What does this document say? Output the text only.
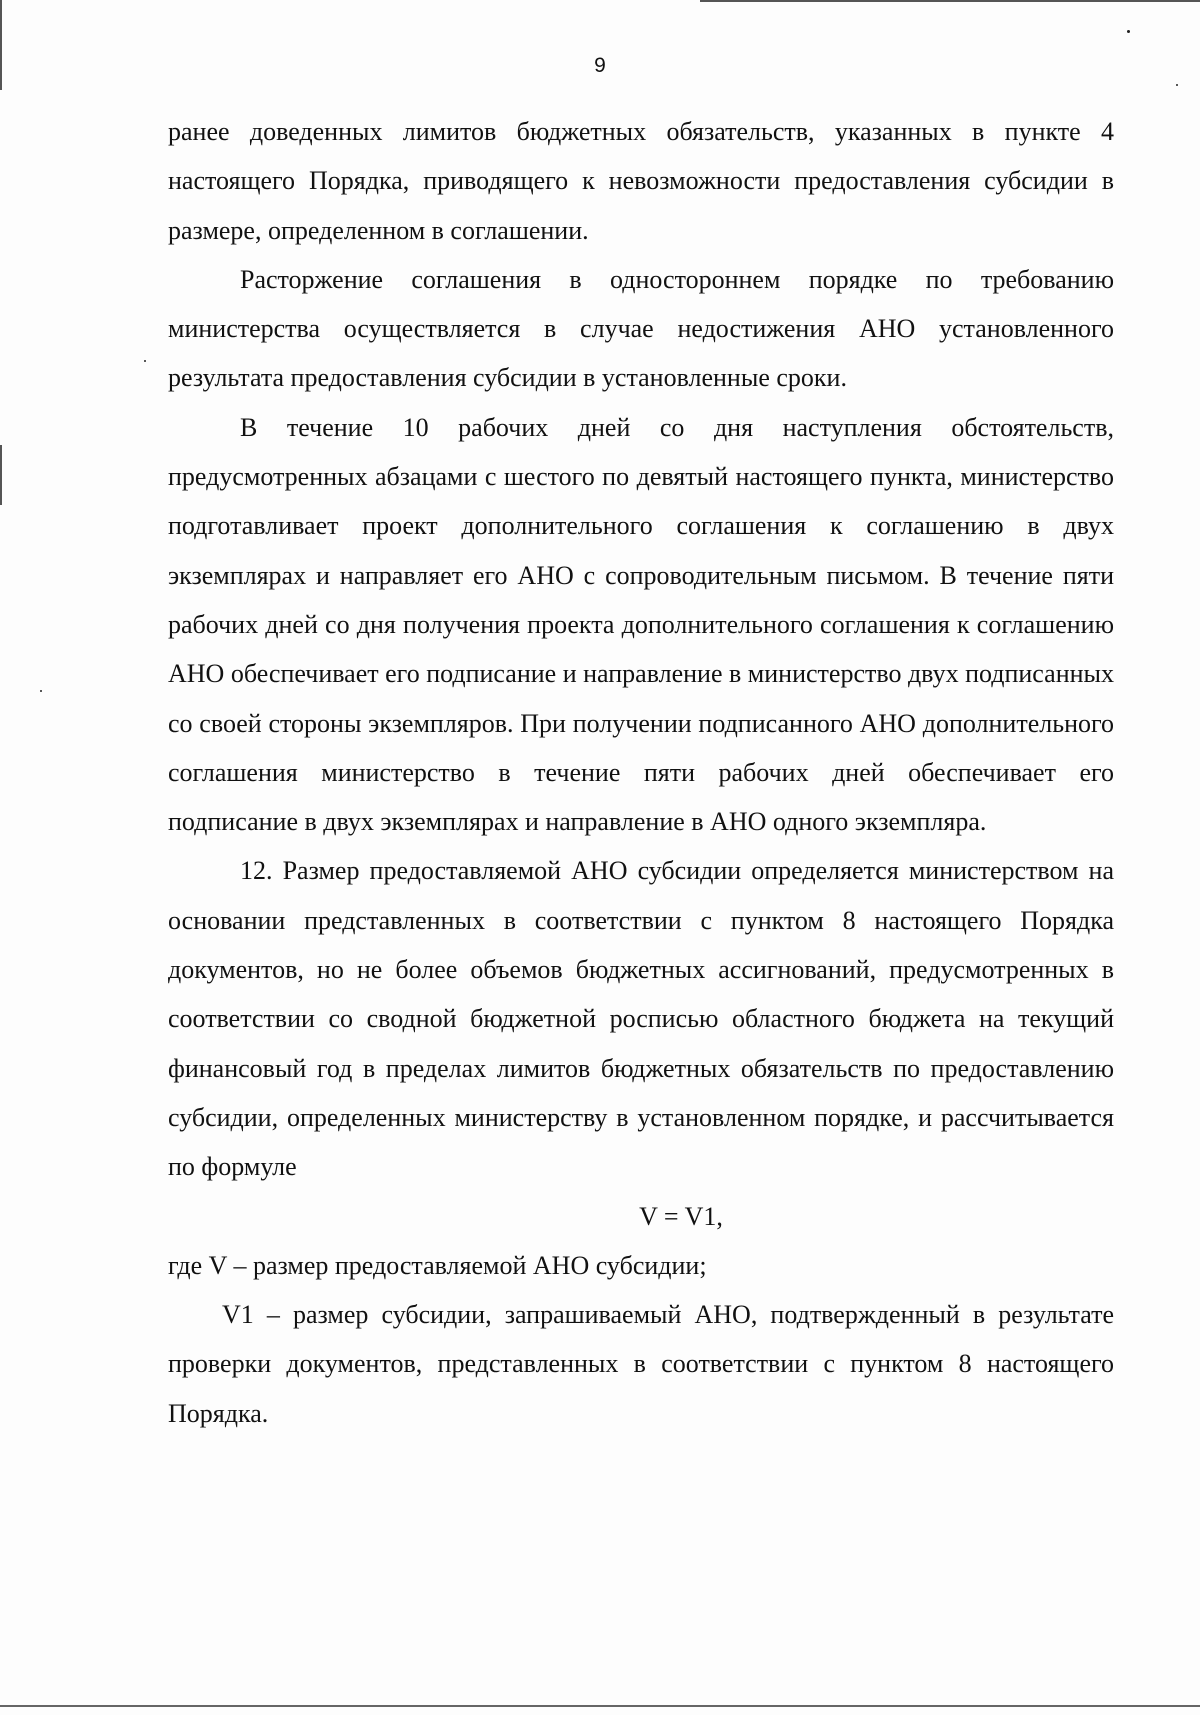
9

ранее доведенных лимитов бюджетных обязательств, указанных в пункте 4 настоящего Порядка, приводящего к невозможности предоставления субсидии в размере, определенном в соглашении.

Расторжение соглашения в одностороннем порядке по требованию министерства осуществляется в случае недостижения АНО установленного результата предоставления субсидии в установленные сроки.

В течение 10 рабочих дней со дня наступления обстоятельств, предусмотренных абзацами с шестого по девятый настоящего пункта, министерство подготавливает проект дополнительного соглашения к соглашению в двух экземплярах и направляет его АНО с сопроводительным письмом. В течение пяти рабочих дней со дня получения проекта дополнительного соглашения к соглашению АНО обеспечивает его подписание и направление в министерство двух подписанных со своей стороны экземпляров. При получении подписанного АНО дополнительного соглашения министерство в течение пяти рабочих дней обеспечивает его подписание в двух экземплярах и направление в АНО одного экземпляра.

12. Размер предоставляемой АНО субсидии определяется министерством на основании представленных в соответствии с пунктом 8 настоящего Порядка документов, но не более объемов бюджетных ассигнований, предусмотренных в соответствии со сводной бюджетной росписью областного бюджета на текущий финансовый год в пределах лимитов бюджетных обязательств по предоставлению субсидии, определенных министерству в установленном порядке, и рассчитывается по формуле

V = V1,

где V – размер предоставляемой АНО субсидии;

V1 – размер субсидии, запрашиваемый АНО, подтвержденный в результате проверки документов, представленных в соответствии с пунктом 8 настоящего Порядка.
